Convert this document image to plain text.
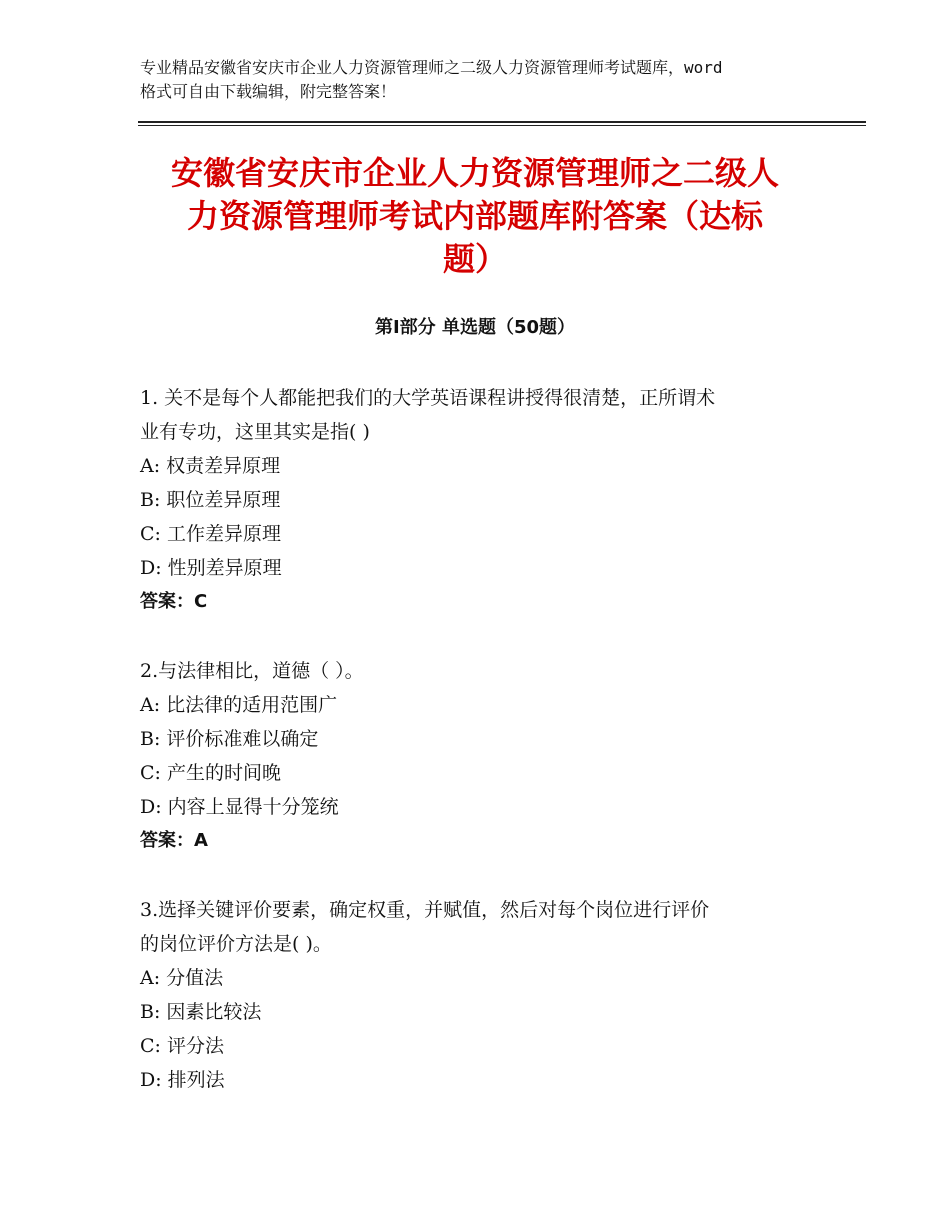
专业精品安徽省安庆市企业人力资源管理师之二级人力资源管理师考试题库，word
格式可自由下载编辑，附完整答案！
安徽省安庆市企业人力资源管理师之二级人
力资源管理师考试内部题库附答案（达标
题）
第Ⅰ部分 单选题（50题）
1. 关不是每个人都能把我们的大学英语课程讲授得很清楚，正所谓术
业有专功，这里其实是指( )
A: 权责差异原理
B: 职位差异原理
C: 工作差异原理
D: 性别差异原理
答案：C
2.与法律相比，道德（ ）。
A: 比法律的适用范围广
B: 评价标准难以确定
C: 产生的时间晚
D: 内容上显得十分笼统
答案：A
3.选择关键评价要素，确定权重，并赋值，然后对每个岗位进行评价
的岗位评价方法是( )。
A: 分值法
B: 因素比较法
C: 评分法
D: 排列法
